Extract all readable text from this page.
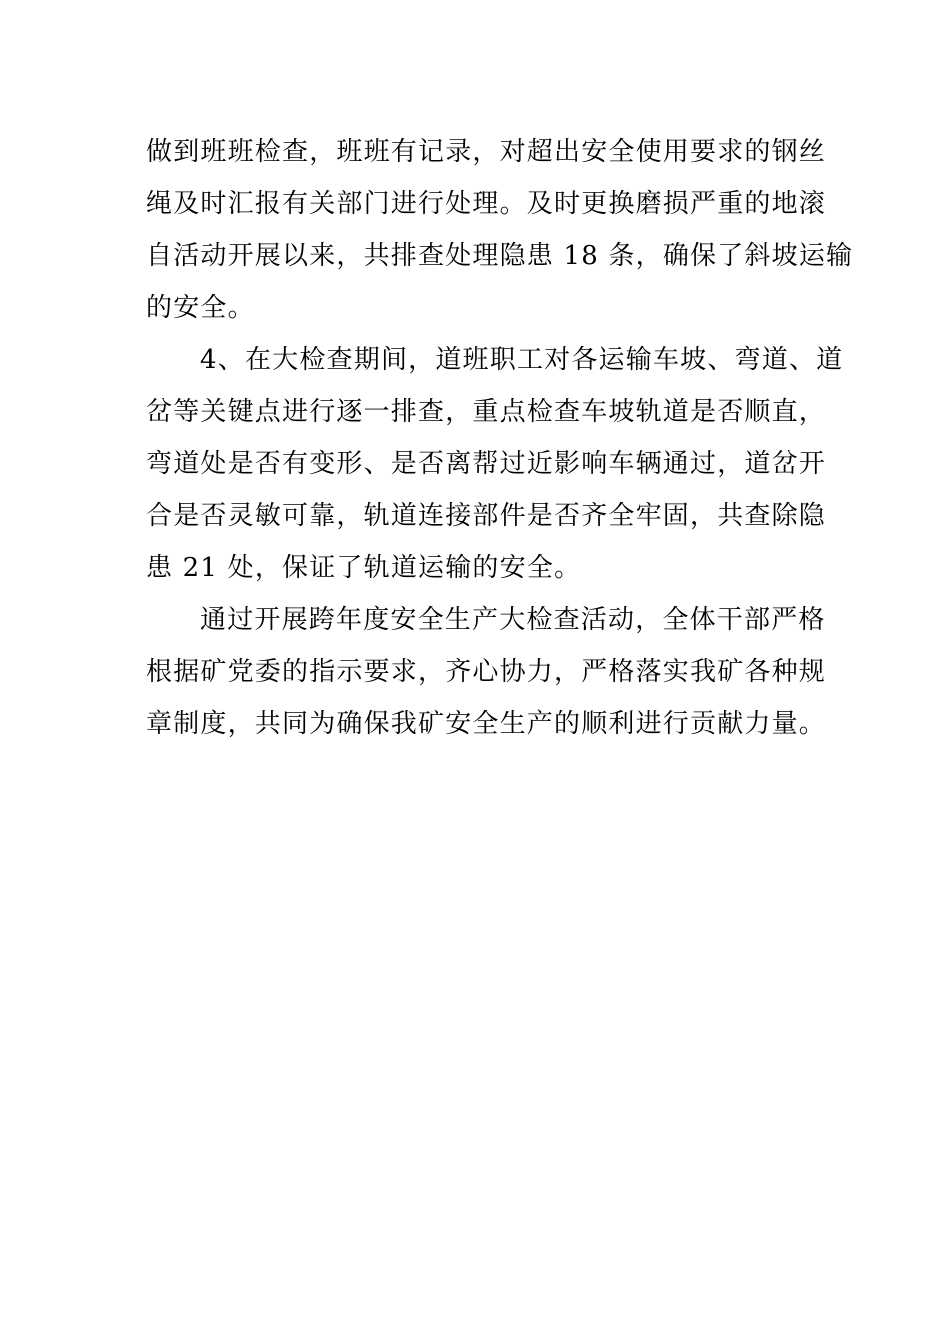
做到班班检查，班班有记录，对超出安全使用要求的钢丝
绳及时汇报有关部门进行处理。及时更换磨损严重的地滚
自活动开展以来，共排查处理隐患 18 条，确保了斜坡运输
的安全。
4、在大检查期间，道班职工对各运输车坡、弯道、道
岔等关键点进行逐一排查，重点检查车坡轨道是否顺直，
弯道处是否有变形、是否离帮过近影响车辆通过，道岔开
合是否灵敏可靠，轨道连接部件是否齐全牢固，共查除隐
患 21 处，保证了轨道运输的安全。
通过开展跨年度安全生产大检查活动，全体干部严格
根据矿党委的指示要求，齐心协力，严格落实我矿各种规
章制度，共同为确保我矿安全生产的顺利进行贡献力量。
